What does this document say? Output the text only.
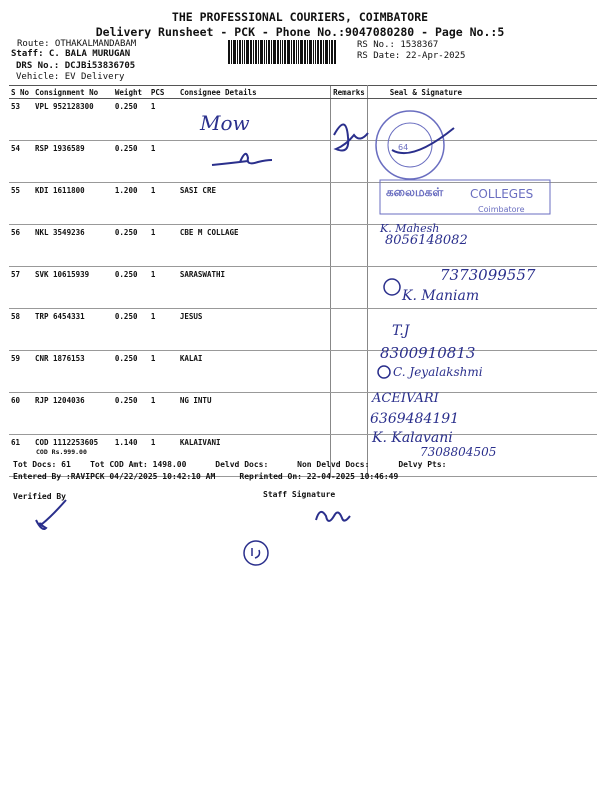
THE PROFESSIONAL COURIERS, COIMBATORE
Delivery Runsheet - PCK - Phone No.:9047080280 - Page No.:5
Route: OTHAKALMANDABAM
Staff: C. BALA MURUGAN
DRS No.: DCJBi53836705
Vehicle: EV Delivery
RS No.: 1538367
RS Date: 22-Apr-2025
S No	Consignment No	Weight	PCS	Consignee Details	Remarks	Seal & Signature
53	VPL 952128300	0.250	1			
54	RSP 1936589	0.250	1			
55	KDI 1611800	1.200	1	SASI CRE		
56	NKL 3549236	0.250	1	CBE M COLLAGE		
57	SVK 10615939	0.250	1	SARASWATHI		
58	TRP 6454331	0.250	1	JESUS		
59	CNR 1876153	0.250	1	KALAI		
60	RJP 1204036	0.250	1	NG INTU		
61	COD 1112253605	1.140	1	KALAIVANI		
COD Rs.999.00
Tot Docs: 61    Tot COD Amt: 1498.00      Delvd Docs:      Non Delvd Docs:      Delvy Pts:
Entered By :RAVIPCK 04/22/2025 10:42:10 AM     Reprinted On: 22-04-2025 10:46:49
Verified By	Staff Signature
Mow
64
கலைமகள் COLLEGES
Coimbatore
K. Mahesh
8056148082
7373099557
K. Maniam
T.J
8300910813
C. Jeyalakshmi
ACEIVARI
6369484191
K. Kalavani
7308804505
